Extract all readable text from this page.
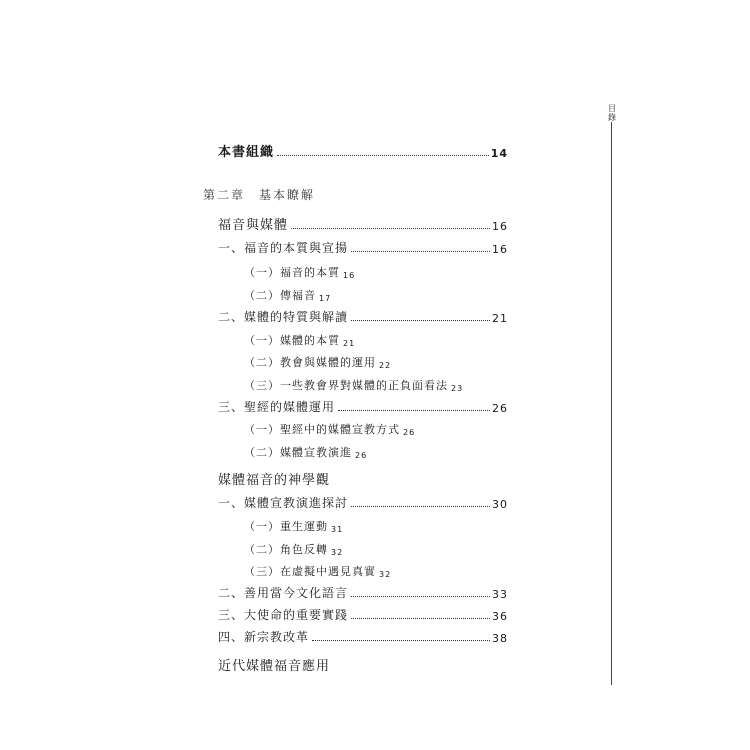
目錄
本書組織	14
第二章 基本瞭解
福音與媒體	16
一、福音的本質與宣揚	16
（一）福音的本質 16
（二）傳福音 17
二、媒體的特質與解讀	21
（一）媒體的本質 21
（二）教會與媒體的運用 22
（三）一些教會界對媒體的正負面看法 23
三、聖經的媒體運用	26
（一）聖經中的媒體宣教方式 26
（二）媒體宣教演進 26
媒體福音的神學觀
一、媒體宣教演進探討	30
（一）重生運動 31
（二）角色反轉 32
（三）在虛擬中遇見真實 32
二、善用當今文化語言	33
三、大使命的重要實踐	36
四、新宗教改革	38
近代媒體福音應用
